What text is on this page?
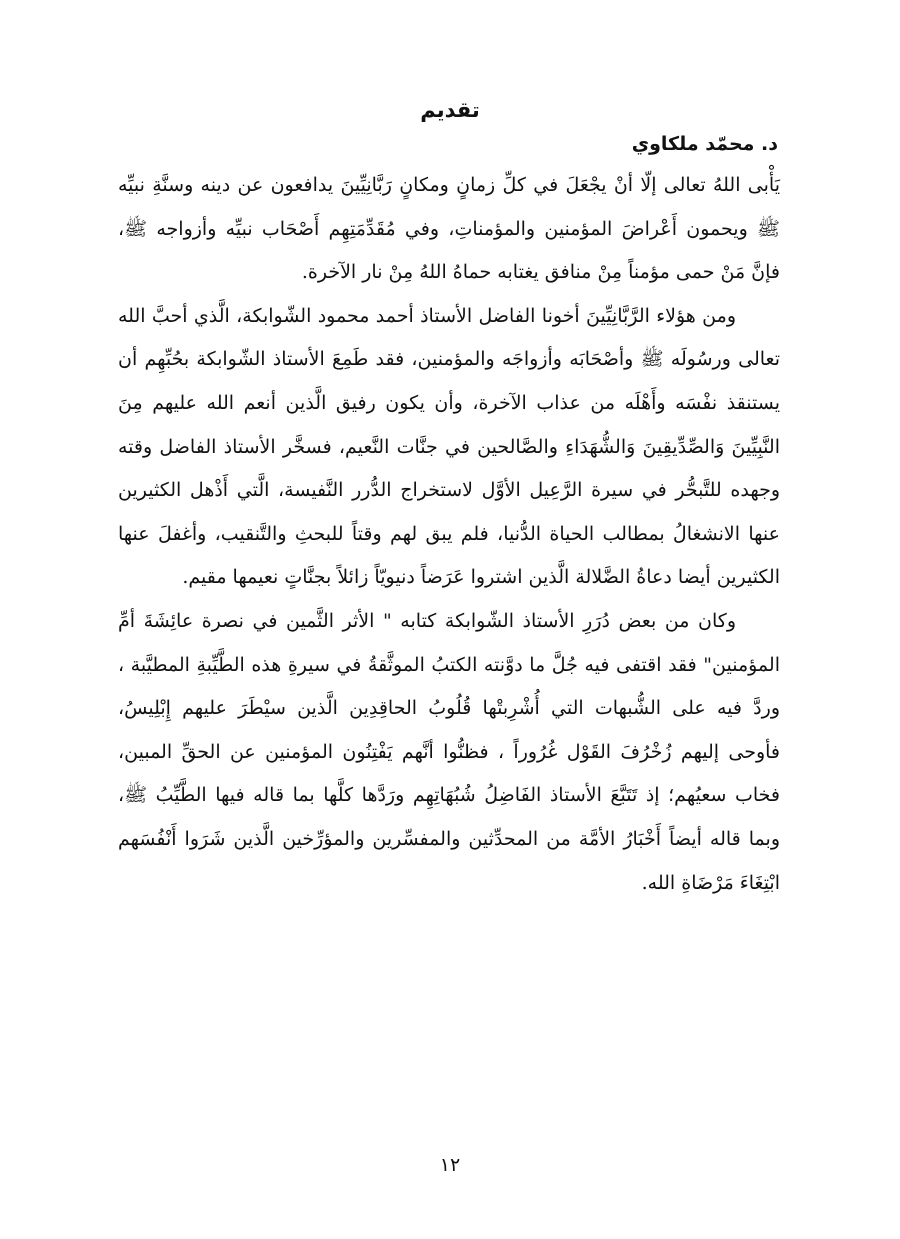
تقديم
د. محمّد ملكاوي

يَأْبى اللهُ تعالى إلّا أنْ يجْعَلَ في كلِّ زمانٍ ومكانٍ رَبَّانِيِّينَ يدافعون عن دينه وسنَّةِ نبيِّه ﷺ ويحمون أَعْراضَ المؤمنين والمؤمناتِ، وفي مُقَدِّمَتِهِم أَصْحَاب نبيِّه وأزواجه ﷺ، فإنَّ مَنْ حمى مؤمناً مِنْ منافق يغتابه حماهُ اللهُ مِنْ نار الآخرة.

ومن هؤلاء الرَّبَّانِيِّينَ أخونا الفاضل الأستاذ أحمد محمود الشّوابكة، الَّذي أحبَّ الله تعالى ورسُولَه ﷺ وأصْحَابَه وأزواجَه والمؤمنين، فقد طَمِعَ الأستاذ الشّوابكة بحُبِّهِم أن يستنقذ نفْسَه وأَهْلَه من عذاب الآخرة، وأن يكون رفيق الَّذين أنعم الله عليهم مِنَ النَّبِيِّينَ وَالصِّدِّيقِينَ وَالشُّهَدَاءِ والصَّالحين في جنَّات النَّعيم، فسخَّر الأستاذ الفاضل وقته وجهده للتَّبحُّر في سيرة الرَّعِيل الأوَّل لاستخراج الدُّرر النَّفيسة، الَّتي أَذْهل الكثيرين عنها الانشغالُ بمطالب الحياة الدُّنيا، فلم يبق لهم وقتاً للبحثِ والتَّنقيب، وأغفلَ عنها الكثيرين أيضا دعاةُ الضَّلالة الَّذين اشتروا عَرَضاً دنيويّاً زائلاً بجنَّاتٍ نعيمها مقيم.

وكان من بعض دُرَرِ الأستاذ الشّوابكة كتابه " الأثر الثَّمين في نصرة عائِشَةَ أمِّ المؤمنين" فقد اقتفى فيه جُلَّ ما دوَّنته الكتبُ الموثَّقةُ في سيرةِ هذه الطَّيِّبةِ المطيَّبة ، وردَّ فيه على الشُّبهات التي أُشْرِبتْها قُلُوبُ الحاقِدِين الَّذين سيْطَرَ عليهم إِبْلِيسُ، فأوحى إليهم زُخْرُفَ القَوْل غُرُوراً ، فظنُّوا أنَّهم يَفْتِنُون المؤمنين عن الحقِّ المبين، فخاب سعيُهم؛ إذ تَتَبَّعَ الأستاذ الفَاضِلُ شُبُهَاتِهِم ورَدَّها كلَّها بما قاله فيها الطَّيِّبُ ﷺ، وبما قاله أيضاً أَخْبَارُ الأمَّة من المحدِّثين والمفسِّرين والمؤرِّخين الَّذين شَرَوا أَنْفُسَهم ابْتِغَاءَ مَرْضَاةِ الله.

١٢
